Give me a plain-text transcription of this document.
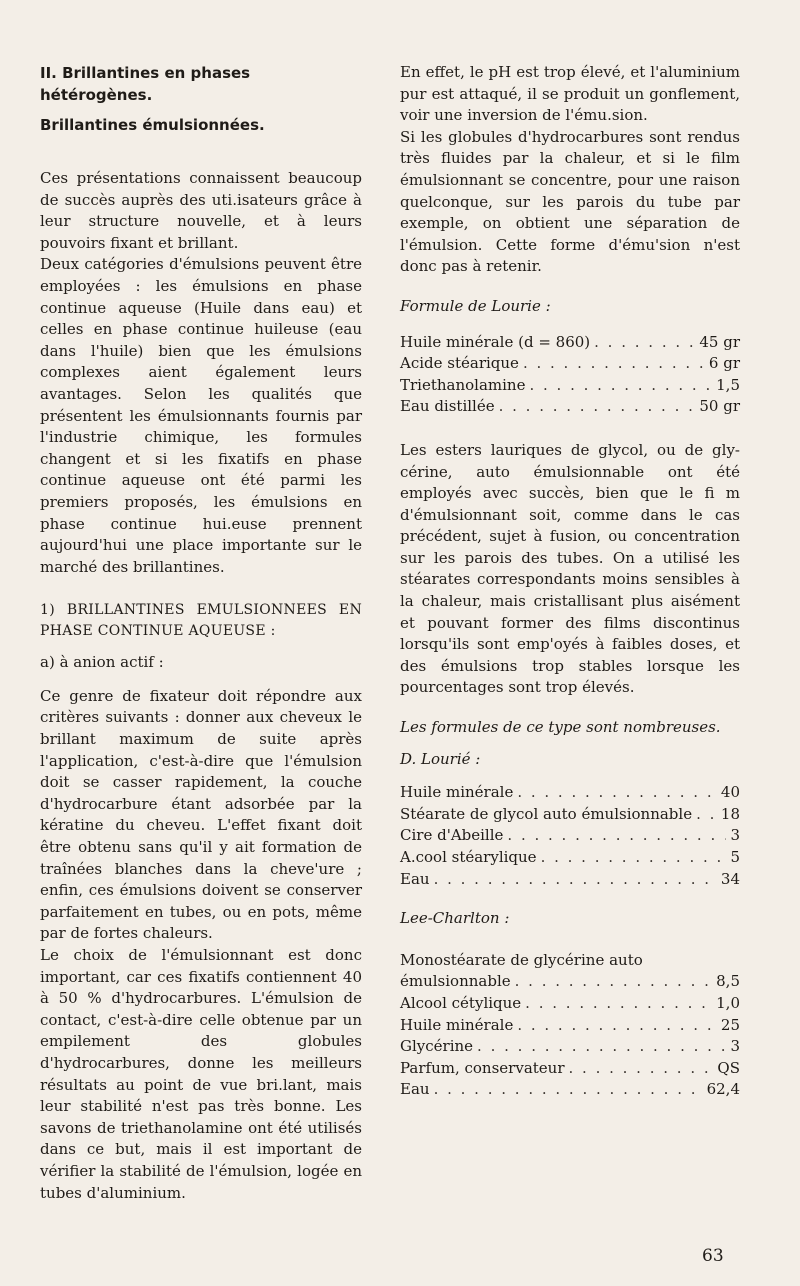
II. Brillantines en phases hétérogènes.
Brillantines émulsionnées.

Ces présentations connaissent beaucoup de succès auprès des uti.isateurs grâce à leur structure nouvelle, et à leurs pouvoirs fixant et brillant.

Deux catégories d'émulsions peuvent être employées : les émulsions en phase continue aqueuse (Huile dans eau) et celles en phase continue huileuse (eau dans l'huile) bien que les émulsions complexes aient également leurs avantages. Selon les qualités que présentent les émulsionnants fournis par l'industrie chimique, les formules changent et si les fixatifs en phase continue aqueuse ont été parmi les premiers proposés, les émulsions en phase continue hui.euse prennent aujourd'hui une place importante sur le marché des brillantines.

1) BRILLANTINES EMULSIONNEES EN PHASE CONTINUE AQUEUSE :

a) à anion actif :

Ce genre de fixateur doit répondre aux critères suivants : donner aux cheveux le brillant maximum de suite après l'application, c'est-à-dire que l'émulsion doit se casser rapidement, la couche d'hydrocarbure étant adsorbée par la kératine du cheveu. L'effet fixant doit être obtenu sans qu'il y ait formation de traînées blanches dans la cheve'ure ; enfin, ces émulsions doivent se conserver parfaitement en tubes, ou en pots, même par de fortes chaleurs.

Le choix de l'émulsionnant est donc important, car ces fixatifs contiennent 40 à 50 % d'hydrocarbures. L'émulsion de contact, c'est-à-dire celle obtenue par un empilement des globules d'hydrocarbures, donne les meilleurs résultats au point de vue bri.lant, mais leur stabilité n'est pas très bonne. Les savons de triethanolamine ont été utilisés dans ce but, mais il est important de vérifier la stabilité de l'émulsion, logée en tubes d'aluminium.

En effet, le pH est trop élevé, et l'aluminium pur est attaqué, il se produit un gonflement, voir une inversion de l'ému.sion.

Si les globules d'hydrocarbures sont rendus très fluides par la chaleur, et si le film émulsionnant se concentre, pour une raison quelconque, sur les parois du tube par exemple, on obtient une séparation de l'émulsion. Cette forme d'ému'sion n'est donc pas à retenir.

Formule de Lourie :

Huile minérale (d = 860) . . .	45 gr
Acide stéarique . . .	6 gr
Triethanolamine . . .	1,5
Eau distillée . . .	50 gr

Les esters lauriques de glycol, ou de gly-cérine, auto émulsionnable ont été employés avec succès, bien que le fi m d'émulsionnant soit, comme dans le cas précédent, sujet à fusion, ou concentration sur les parois des tubes. On a utilisé les stéarates correspondants moins sensibles à la chaleur, mais cristallisant plus aisément et pouvant former des films discontinus lorsqu'ils sont emp'oyés à faibles doses, et des émulsions trop stables lorsque les pourcentages sont trop élevés.

Les formules de ce type sont nombreuses.

D. Lourié :

Huile minérale . . .	40
Stéarate de glycol auto émulsionnable . . . 18
Cire d'Abeille . . .	3
A.cool stéarylique . . .	5
Eau . . .	34

Lee-Charlton :

Monostéarate de glycérine auto

émulsionnable . . .	8,5
Alcool cétylique . . .	1,0
Huile minérale . . .	25
Glycérine . . .	3
Parfum, conservateur . . .	QS
Eau . . .	62,4
63
